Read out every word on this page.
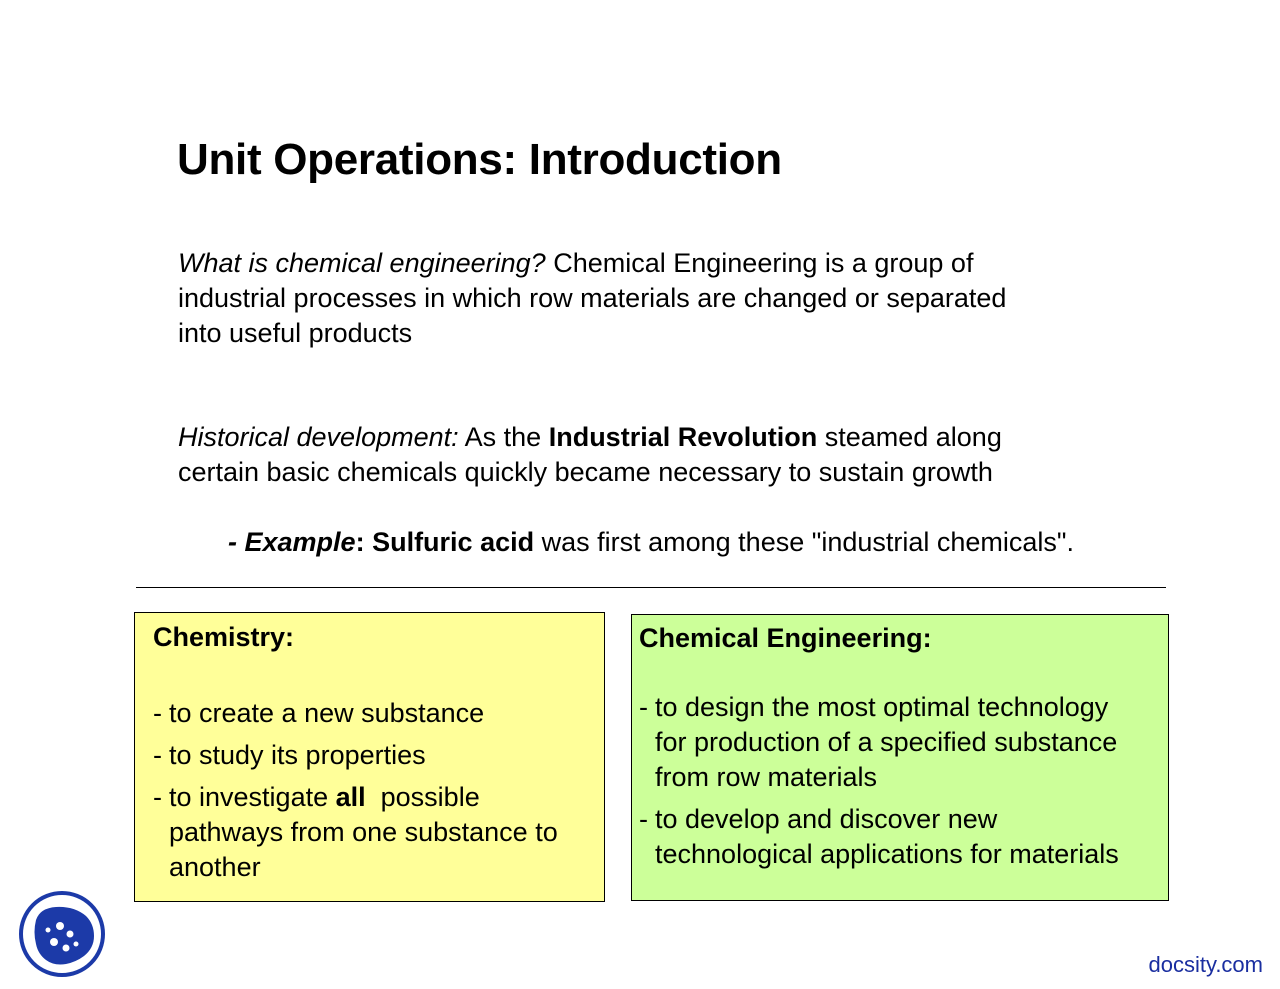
Unit Operations: Introduction
What is chemical engineering? Chemical Engineering is a group of
industrial processes in which row materials are changed or separated
into useful products
Historical development: As the Industrial Revolution steamed along
certain basic chemicals quickly became necessary to sustain growth
- Example: Sulfuric acid was first among these "industrial chemicals".
Chemistry:
- to create a new substance
- to study its properties
- to investigate all  possible
pathways from one substance to
another
Chemical Engineering:
- to design the most optimal technology
for production of a specified substance
from row materials
- to develop and discover new
technological applications for materials
docsity.com
